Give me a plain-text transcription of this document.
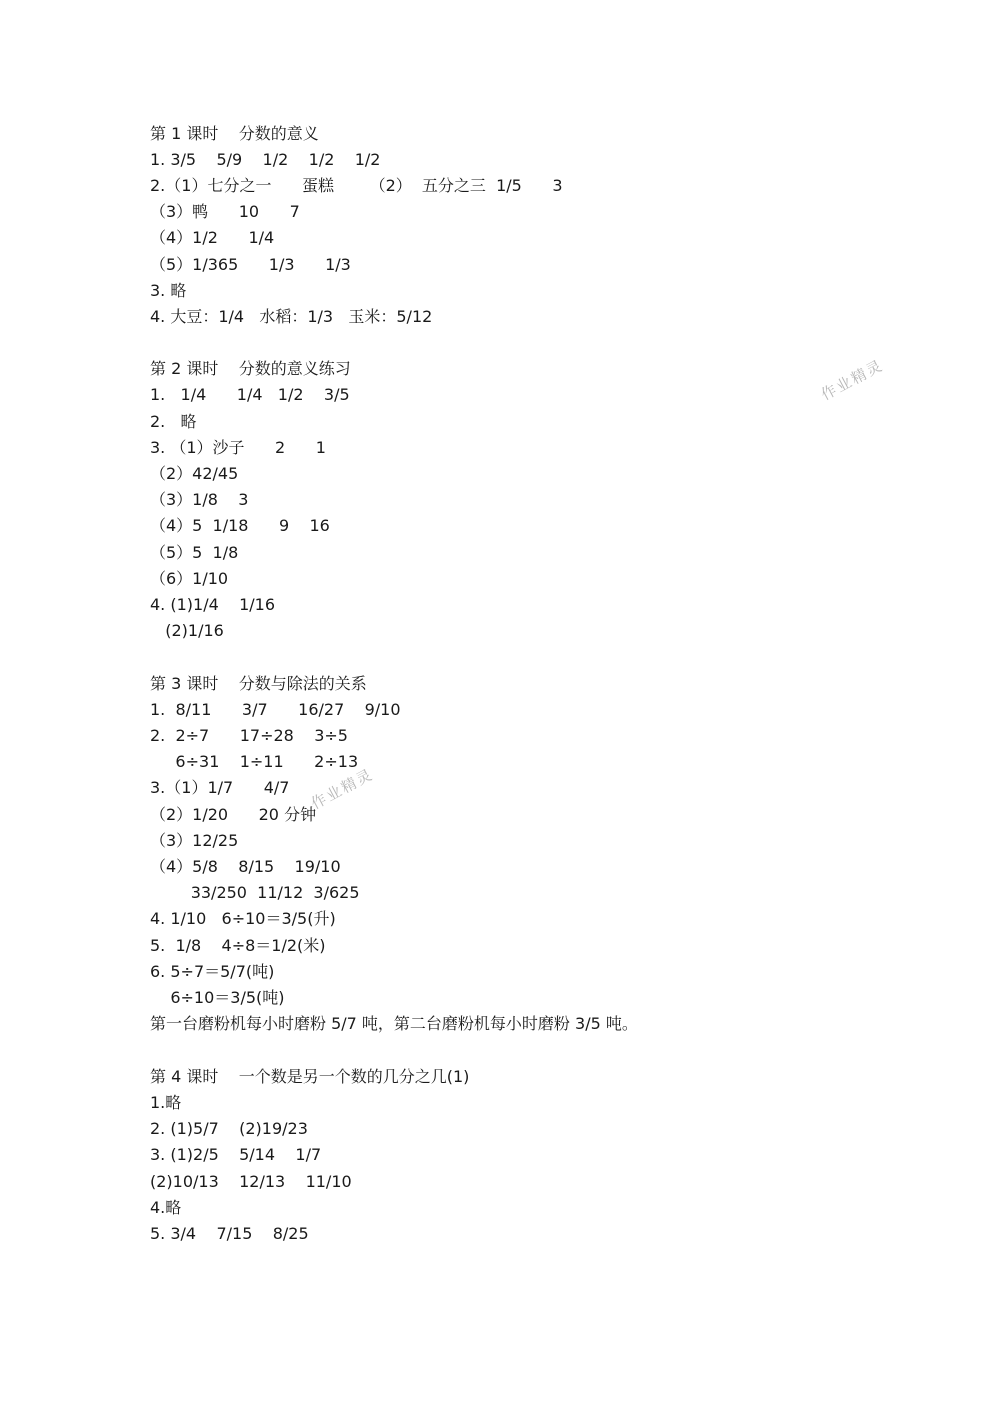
第 1 课时    分数的意义
1. 3/5    5/9    1/2    1/2    1/2
2.（1）七分之一      蛋糕       （2）  五分之三  1/5      3
（3）鸭      10      7
（4）1/2      1/4
（5）1/365      1/3      1/3
3. 略
4. 大豆：1/4   水稻：1/3   玉米：5/12
第 2 课时    分数的意义练习
1.   1/4      1/4   1/2    3/5
2.   略
3. （1）沙子      2      1
（2）42/45
（3）1/8    3
（4）5  1/18      9    16
（5）5  1/8
（6）1/10
4. (1)1/4    1/16
(2)1/16
第 3 课时    分数与除法的关系
1.  8/11      3/7      16/27    9/10
2.  2÷7      17÷28    3÷5
6÷31    1÷11      2÷13
3.（1）1/7      4/7
（2）1/20      20 分钟
（3）12/25
（4）5/8    8/15    19/10
33/250  11/12  3/625
4. 1/10   6÷10＝3/5(升)
5.  1/8    4÷8＝1/2(米)
6. 5÷7＝5/7(吨)
6÷10＝3/5(吨)
第一台磨粉机每小时磨粉 5/7 吨，第二台磨粉机每小时磨粉 3/5 吨。
第 4 课时    一个数是另一个数的几分之几(1)
1.略
2. (1)5/7    (2)19/23
3. (1)2/5    5/14    1/7
(2)10/13    12/13    11/10
4.略
5. 3/4    7/15    8/25
作业精灵
作业精灵
